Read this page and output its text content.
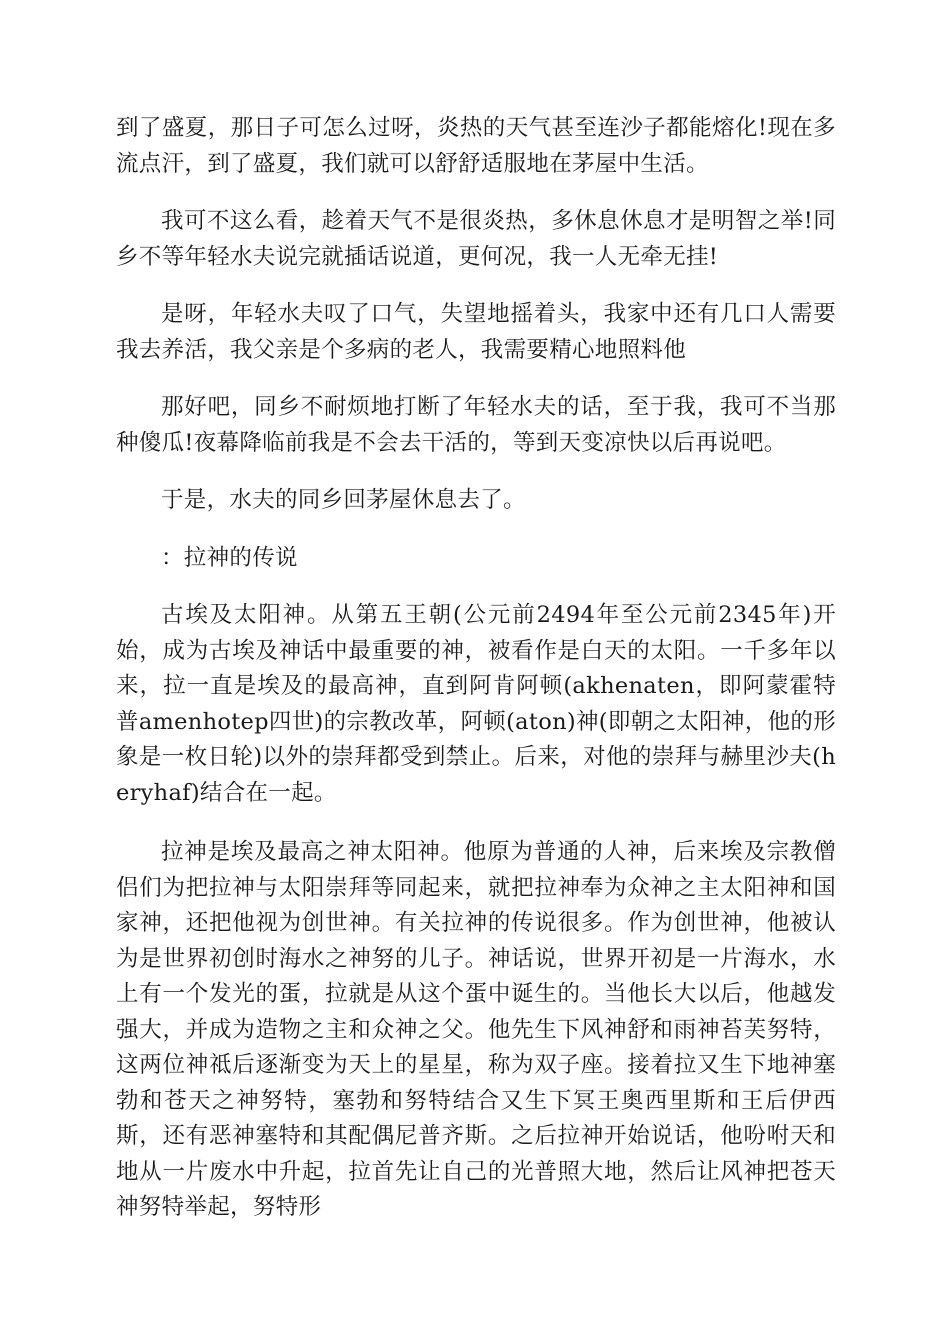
到了盛夏，那日子可怎么过呀，炎热的天气甚至连沙子都能熔化!现在多流点汗，到了盛夏，我们就可以舒舒适服地在茅屋中生活。

我可不这么看，趁着天气不是很炎热，多休息休息才是明智之举!同乡不等年轻水夫说完就插话说道，更何况，我一人无牵无挂!

是呀，年轻水夫叹了口气，失望地摇着头，我家中还有几口人需要我去养活，我父亲是个多病的老人，我需要精心地照料他

那好吧，同乡不耐烦地打断了年轻水夫的话，至于我，我可不当那种傻瓜!夜幕降临前我是不会去干活的，等到天变凉快以后再说吧。

于是，水夫的同乡回茅屋休息去了。

：拉神的传说

古埃及太阳神。从第五王朝(公元前2494年至公元前2345年)开始，成为古埃及神话中最重要的神，被看作是白天的太阳。一千多年以来，拉一直是埃及的最高神，直到阿肯阿顿(akhenaten，即阿蒙霍特普amenhotep四世)的宗教改革，阿顿(aton)神(即朝之太阳神，他的形象是一枚日轮)以外的崇拜都受到禁止。后来，对他的崇拜与赫里沙夫(heryhaf)结合在一起。

拉神是埃及最高之神太阳神。他原为普通的人神，后来埃及宗教僧侣们为把拉神与太阳崇拜等同起来，就把拉神奉为众神之主太阳神和国家神，还把他视为创世神。有关拉神的传说很多。作为创世神，他被认为是世界初创时海水之神努的儿子。神话说，世界开初是一片海水，水上有一个发光的蛋，拉就是从这个蛋中诞生的。当他长大以后，他越发强大，并成为造物之主和众神之父。他先生下风神舒和雨神苔芙努特，这两位神祗后逐渐变为天上的星星，称为双子座。接着拉又生下地神塞勃和苍天之神努特，塞勃和努特结合又生下冥王奥西里斯和王后伊西斯，还有恶神塞特和其配偶尼普齐斯。之后拉神开始说话，他吩咐天和地从一片废水中升起，拉首先让自己的光普照大地，然后让风神把苍天神努特举起，努特形
